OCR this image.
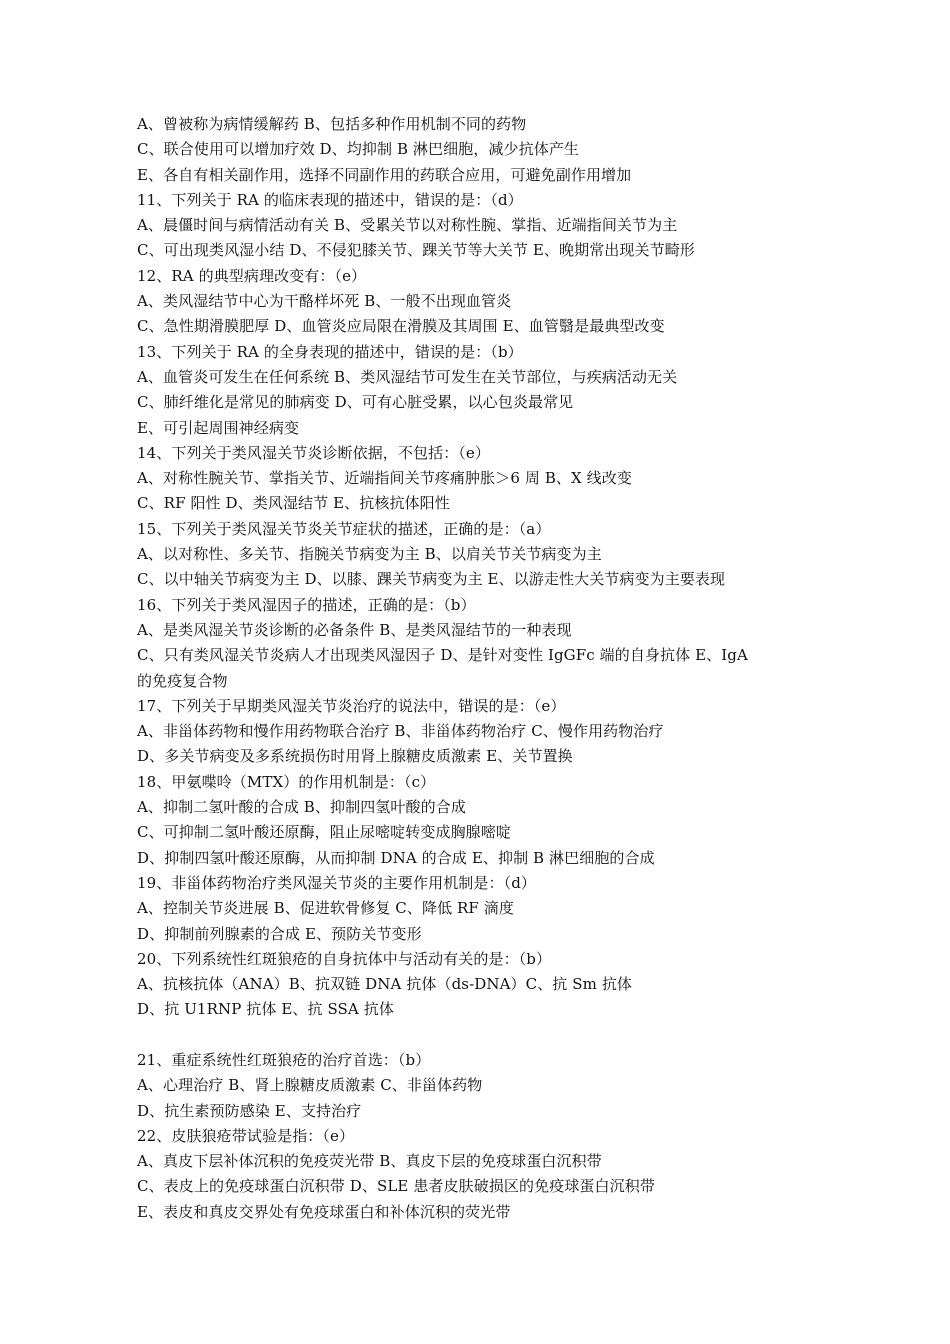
A、曾被称为病情缓解药 B、包括多种作用机制不同的药物
C、联合使用可以增加疗效 D、均抑制 B 淋巴细胞，减少抗体产生
E、各自有相关副作用，选择不同副作用的药联合应用，可避免副作用增加
11、下列关于 RA 的临床表现的描述中，错误的是：（d）
A、晨僵时间与病情活动有关 B、受累关节以对称性腕、掌指、近端指间关节为主
C、可出现类风湿小结 D、不侵犯膝关节、踝关节等大关节 E、晚期常出现关节畸形
12、RA 的典型病理改变有：（e）
A、类风湿结节中心为干酪样坏死 B、一般不出现血管炎
C、急性期滑膜肥厚 D、血管炎应局限在滑膜及其周围 E、血管翳是最典型改变
13、下列关于 RA 的全身表现的描述中，错误的是：（b）
A、血管炎可发生在任何系统 B、类风湿结节可发生在关节部位，与疾病活动无关
C、肺纤维化是常见的肺病变 D、可有心脏受累，以心包炎最常见
E、可引起周围神经病变
14、下列关于类风湿关节炎诊断依据，不包括：（e）
A、对称性腕关节、掌指关节、近端指间关节疼痛肿胀＞6 周 B、X 线改变
C、RF 阳性 D、类风湿结节 E、抗核抗体阳性
15、下列关于类风湿关节炎关节症状的描述，正确的是：（a）
A、以对称性、多关节、指腕关节病变为主 B、以肩关节关节病变为主
C、以中轴关节病变为主 D、以膝、踝关节病变为主 E、以游走性大关节病变为主要表现
16、下列关于类风湿因子的描述，正确的是：（b）
A、是类风湿关节炎诊断的必备条件 B、是类风湿结节的一种表现
C、只有类风湿关节炎病人才出现类风湿因子 D、是针对变性 IgGFc 端的自身抗体 E、IgA
的免疫复合物
17、下列关于早期类风湿关节炎治疗的说法中，错误的是：（e）
A、非甾体药物和慢作用药物联合治疗 B、非甾体药物治疗 C、慢作用药物治疗
D、多关节病变及多系统损伤时用肾上腺糖皮质激素 E、关节置换
18、甲氨喋呤（MTX）的作用机制是：（c）
A、抑制二氢叶酸的合成 B、抑制四氢叶酸的合成
C、可抑制二氢叶酸还原酶，阻止尿嘧啶转变成胸腺嘧啶
D、抑制四氢叶酸还原酶，从而抑制 DNA 的合成 E、抑制 B 淋巴细胞的合成
19、非甾体药物治疗类风湿关节炎的主要作用机制是：（d）
A、控制关节炎进展 B、促进软骨修复 C、降低 RF 滴度
D、抑制前列腺素的合成 E、预防关节变形
20、下列系统性红斑狼疮的自身抗体中与活动有关的是：（b）
A、抗核抗体（ANA）B、抗双链 DNA 抗体（ds-DNA）C、抗 Sm 抗体
D、抗 U1RNP 抗体 E、抗 SSA 抗体
21、重症系统性红斑狼疮的治疗首选：（b）
A、心理治疗 B、肾上腺糖皮质激素 C、非甾体药物
D、抗生素预防感染 E、支持治疗
22、皮肤狼疮带试验是指：（e）
A、真皮下层补体沉积的免疫荧光带 B、真皮下层的免疫球蛋白沉积带
C、表皮上的免疫球蛋白沉积带 D、SLE 患者皮肤破损区的免疫球蛋白沉积带
E、表皮和真皮交界处有免疫球蛋白和补体沉积的荧光带
